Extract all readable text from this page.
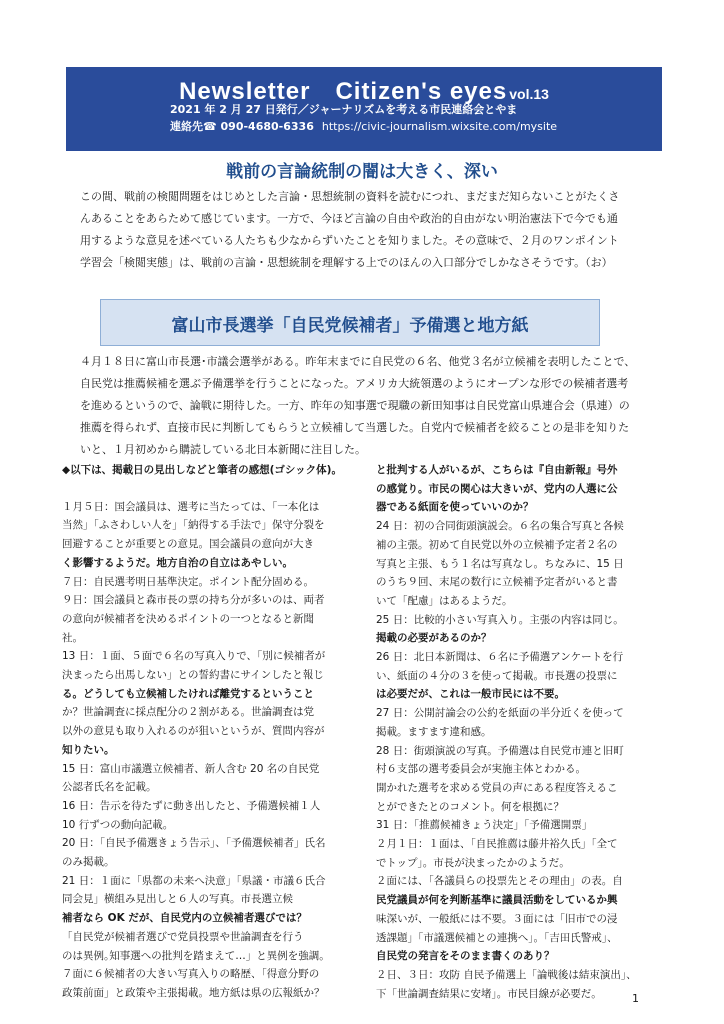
Newsletter　Citizen's eyes vol.13
2021 年 2 月 27 日発行／ジャーナリズムを考える市民連絡会とやま
連絡先☎ 090-4680-6336 https://civic-journalism.wixsite.com/mysite
戦前の言論統制の闇は大きく、深い
この間、戦前の検閲問題をはじめとした言論・思想統制の資料を読むにつれ、まだまだ知らないことがたくさ
んあることをあらためて感じています。一方で、今ほど言論の自由や政治的自由がない明治憲法下で今でも通
用するような意見を述べている人たちも少なからずいたことを知りました。その意味で、２月のワンポイント
学習会「検閲実態」は、戦前の言論・思想統制を理解する上でのほんの入口部分でしかなさそうです。（お）
富山市長選挙「自民党候補者」予備選と地方紙
４月１８日に富山市長選･市議会選挙がある。昨年末までに自民党の６名、他党３名が立候補を表明したことで、
自民党は推薦候補を選ぶ予備選挙を行うことになった。アメリカ大統領選のようにオープンな形での候補者選考
を進めるというので、論戦に期待した。一方、昨年の知事選で現職の新田知事は自民党富山県連合会（県連）の
推薦を得られず、直接市民に判断してもらうと立候補して当選した。自党内で候補者を絞ることの是非を知りた
いと、１月初めから購読している北日本新聞に注目した。
◆以下は、掲載日の見出しなどと筆者の感想(ゴシック体)。
１月５日：国会議員は、選考に当たっては、「一本化は
当然」「ふさわしい人を」「納得する手法で」保守分裂を
回避することが重要との意見。国会議員の意向が大き
く影響するようだ。地方自治の自立はあやしい。
７日：自民選考明日基準決定。ポイント配分固める。
９日：国会議員と森市長の票の持ち分が多いのは、両者
の意向が候補者を決めるポイントの一つとなると新聞
社。
13 日：１面、５面で６名の写真入りで、「別に候補者が
決まったら出馬しない」との誓約書にサインしたと報じ
る。どうしても立候補したければ離党するということ
か？世論調査に採点配分の２割がある。世論調査は党
以外の意見も取り入れるのが狙いというが、質問内容が
知りたい。
15 日：富山市議選立候補者、新人含む 20 名の自民党
公認者氏名を記載。
16 日：告示を待たずに動き出したと、予備選候補１人
10 行ずつの動向記載。
20 日：「自民予備選きょう告示」、「予備選候補者」氏名
のみ掲載。
21 日：１面に「県都の未来へ決意」「県議・市議６氏合
同会見」横組み見出しと６人の写真。市長選立候
補者なら OK だが、自民党内の立候補者選びでは？
「自民党が候補者選びで党員投票や世論調査を行う
のは異例｡知事選への批判を踏まえて…」と異例を強調。
７面に６候補者の大きい写真入りの略歴、「得意分野の
政策前面」と政策や主張掲載。地方紙は県の広報紙か？
と批判する人がいるが、こちらは『自由新報』号外
の感覚り。市民の関心は大きいが、党内の人選に公
器である紙面を使っていいのか？
24 日：初の合同街頭演説会。６名の集合写真と各候
補の主張。初めて自民党以外の立候補予定者２名の
写真と主張、もう１名は写真なし。ちなみに、15 日
のうち９回、末尾の数行に立候補予定者がいると書
いて「配慮」はあるようだ。
25 日：比較的小さい写真入り。主張の内容は同じ。
掲載の必要があるのか？
26 日：北日本新聞は、６名に予備選アンケートを行
い、紙面の４分の３を使って掲載。市長選の投票に
は必要だが、これは一般市民には不要。
27 日：公開討論会の公約を紙面の半分近くを使って
掲載。ますます違和感。
28 日：街頭演説の写真。予備選は自民党市連と旧町
村６支部の選考委員会が実施主体とわかる。
開かれた選考を求める党員の声にある程度答えるこ
とができたとのコメント。何を根拠に？
31 日：「推薦候補きょう決定」「予備選開票」
２月１日：１面は、「自民推薦は藤井裕久氏」「全て
でトップ」。市長が決まったかのようだ。
２面には、「各議員らの投票先とその理由」の表。自
民党議員が何を判断基準に議員活動をしているか興
味深いが、一般紙には不要。３面には「旧市での浸
透課題」「市議選候補との連携へ」。「吉田氏警戒」、
自民党の発言をそのまま書くのあり？
２日、３日：攻防 自民予備選上「論戦後は結束演出」、
下「世論調査結果に安堵」。市民目線が必要だ。	1
